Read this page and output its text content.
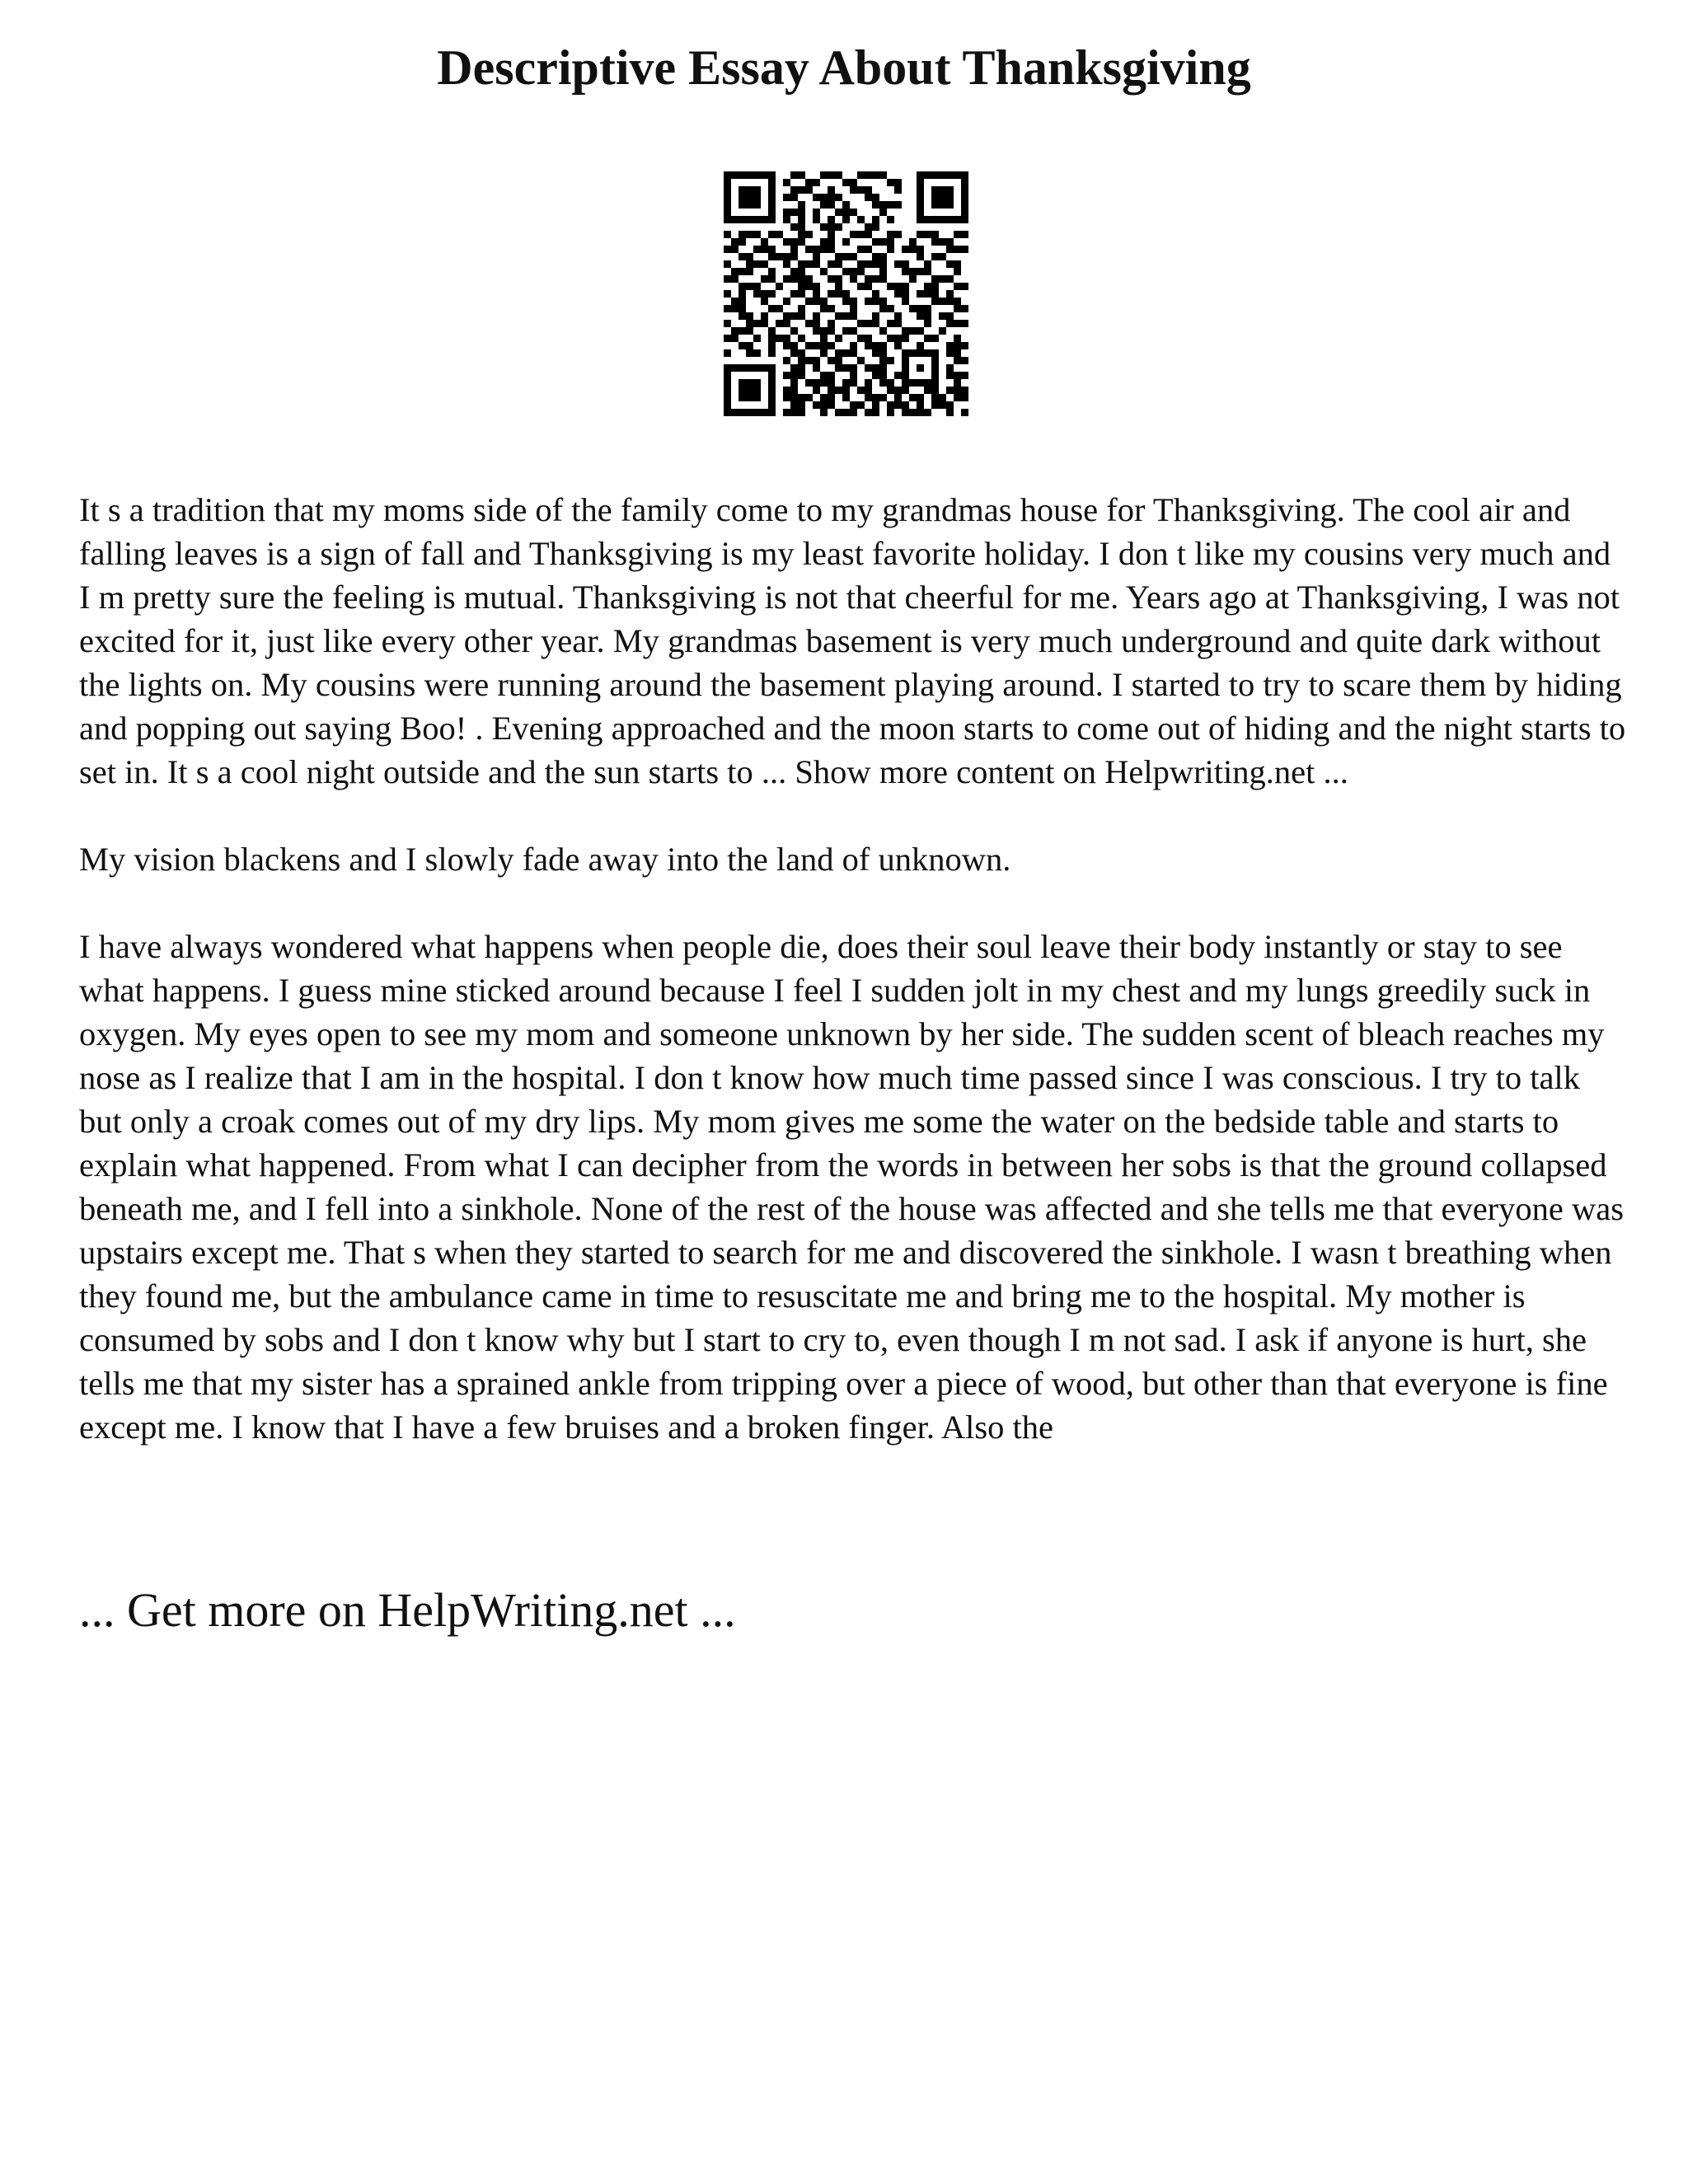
Descriptive Essay About Thanksgiving

It s a tradition that my moms side of the family come to my grandmas house for Thanksgiving. The cool air and falling leaves is a sign of fall and Thanksgiving is my least favorite holiday. I don t like my cousins very much and I m pretty sure the feeling is mutual. Thanksgiving is not that cheerful for me. Years ago at Thanksgiving, I was not excited for it, just like every other year. My grandmas basement is very much underground and quite dark without the lights on. My cousins were running around the basement playing around. I started to try to scare them by hiding and popping out saying Boo! . Evening approached and the moon starts to come out of hiding and the night starts to set in. It s a cool night outside and the sun starts to ... Show more content on Helpwriting.net ...

My vision blackens and I slowly fade away into the land of unknown.

I have always wondered what happens when people die, does their soul leave their body instantly or stay to see what happens. I guess mine sticked around because I feel I sudden jolt in my chest and my lungs greedily suck in oxygen. My eyes open to see my mom and someone unknown by her side. The sudden scent of bleach reaches my nose as I realize that I am in the hospital. I don t know how much time passed since I was conscious. I try to talk but only a croak comes out of my dry lips. My mom gives me some the water on the bedside table and starts to explain what happened. From what I can decipher from the words in between her sobs is that the ground collapsed beneath me, and I fell into a sinkhole. None of the rest of the house was affected and she tells me that everyone was upstairs except me. That s when they started to search for me and discovered the sinkhole. I wasn t breathing when they found me, but the ambulance came in time to resuscitate me and bring me to the hospital. My mother is consumed by sobs and I don t know why but I start to cry to, even though I m not sad. I ask if anyone is hurt, she tells me that my sister has a sprained ankle from tripping over a piece of wood, but other than that everyone is fine except me. I know that I have a few bruises and a broken finger. Also the

... Get more on HelpWriting.net ...
